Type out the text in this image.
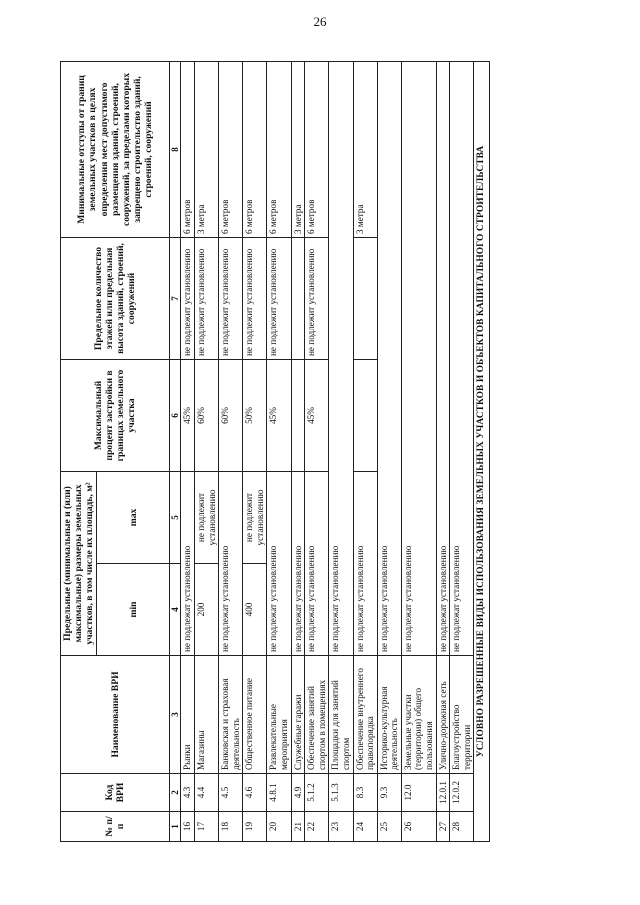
26
№ п/п	Код ВРИ	Наименование ВРИ	Предельные (минимальные и (или) максимальные) размеры земельных участков, в том числе их площадь, м²		Максимальный процент застройки в границах земельного участка	Предельное количество этажей или предельная высота зданий, строений, сооружений	Минимальные отступы от границ земельных участков в целях определения мест допустимого размещения зданий, строений, сооружений, за пределами которых запрещено строительство зданий, строений, сооружений
			min	max			
1	2	3	4	5	6	7	8
16	4.3	Рынки	не подлежат установлению		45%	не подлежит установлению	6 метров
17	4.4	Магазины	200	не подлежит установлению	60%	не подлежит установлению	3 метра
18	4.5	Банковская и страховая деятельность	не подлежат установлению		60%	не подлежит установлению	6 метров
19	4.6	Общественное питание	400	не подлежит установлению	50%	не подлежит установлению	6 метров
20	4.8.1	Развлекательные мероприятия	не подлежат установлению		45%	не подлежит установлению	6 метров
21	4.9	Служебные гаражи	не подлежат установлению				3 метра
22	5.1.2	Обеспечение занятий спортом в помещениях	не подлежат установлению		45%	не подлежит установлению	6 метров
23	5.1.3	Площадки для занятий спортом	не подлежат установлению				
24	8.3	Обеспечение внутреннего правопорядка	не подлежат установлению				3 метра
25	9.3	Историко-культурная деятельность	не подлежат установлению				
26	12.0	Земельные участки (территории) общего пользования	не подлежат установлению				
27	12.0.1	Улично-дорожная сеть	не подлежат установлению				
28	12.0.2	Благоустройство территории	не подлежат установлению				
УСЛОВНО РАЗРЕШЕННЫЕ ВИДЫ ИСПОЛЬЗОВАНИЯ ЗЕМЕЛЬНЫХ УЧАСТКОВ И ОБЪЕКТОВ КАПИТАЛЬНОГО СТРОИТЕЛЬСТВА							
